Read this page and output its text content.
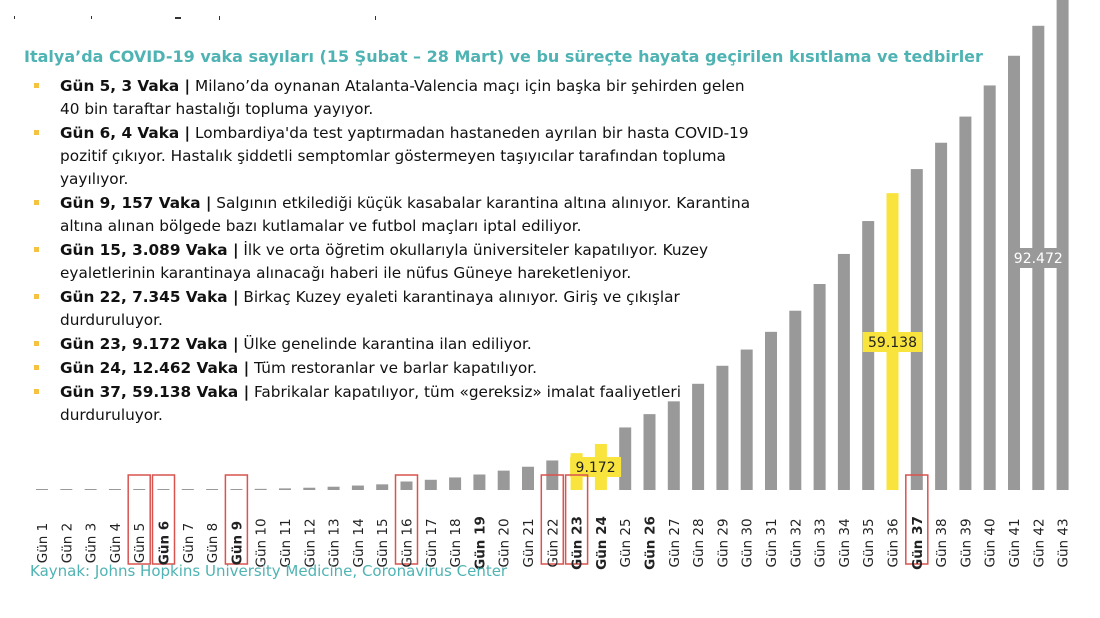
9.172
59.138
92.472
Gün 1 Gün 2 Gün 3 Gün 4 Gün 5 Gün 6 Gün 7 Gün 8 Gün 9 Gün 10 Gün 11 Gün 12 Gün 13 Gün 14 Gün 15 Gün 16 Gün 17 Gün 18 Gün 19 Gün 20 Gün 21 Gün 22 Gün 23 Gün 24 Gün 25 Gün 26 Gün 27 Gün 28 Gün 29 Gün 30 Gün 31 Gün 32 Gün 33 Gün 34 Gün 35 Gün 36 Gün 37 Gün 38 Gün 39 Gün 40 Gün 41 Gün 42 Gün 43
Italya’da COVID-19 vaka sayıları (15 Şubat – 28 Mart) ve bu süreçte hayata geçirilen kısıtlama ve tedbirler
Gün 5, 3 Vaka | Milano’da oynanan Atalanta-Valencia maçı için başka bir şehirden gelen 40 bin taraftar hastalığı topluma yayıyor.
Gün 6, 4 Vaka | Lombardiya'da test yaptırmadan hastaneden ayrılan bir hasta COVID-19 pozitif çıkıyor. Hastalık şiddetli semptomlar göstermeyen taşıyıcılar tarafından topluma yayılıyor.
Gün 9, 157 Vaka | Salgının etkilediği küçük kasabalar karantina altına alınıyor. Karantina altına alınan bölgede bazı kutlamalar ve futbol maçları iptal ediliyor.
Gün 15, 3.089 Vaka | İlk ve orta öğretim okullarıyla üniversiteler kapatılıyor. Kuzey eyaletlerinin karantinaya alınacağı haberi ile nüfus Güneye hareketleniyor.
Gün 22, 7.345 Vaka | Birkaç Kuzey eyaleti karantinaya alınıyor. Giriş ve çıkışlar durduruluyor.
Gün 23, 9.172 Vaka | Ülke genelinde karantina ilan ediliyor.
Gün 24, 12.462 Vaka | Tüm restoranlar ve barlar kapatılıyor.
Gün 37, 59.138 Vaka | Fabrikalar kapatılıyor, tüm «gereksiz» imalat faaliyetleri durduruluyor.
Kaynak: Johns Hopkins University Medicine, Coronavirus Center
